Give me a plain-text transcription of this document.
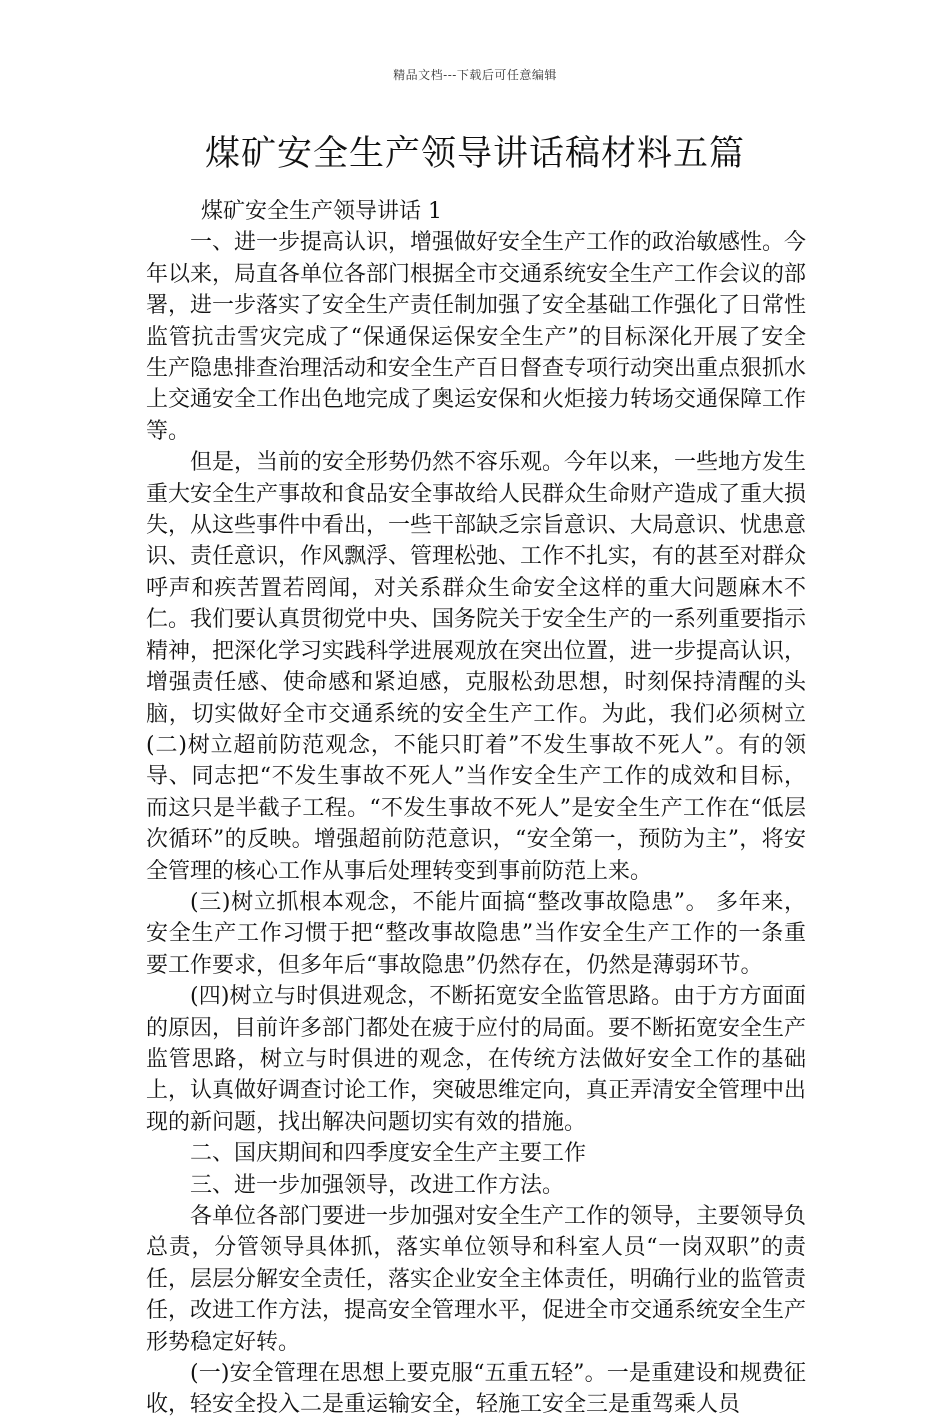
精品文档---下载后可任意编辑
煤矿安全生产领导讲话稿材料五篇

煤矿安全生产领导讲话 1

一、进一步提高认识，增强做好安全生产工作的政治敏感性。今年以来，局直各单位各部门根据全市交通系统安全生产工作会议的部署，进一步落实了安全生产责任制加强了安全基础工作强化了日常性监管抗击雪灾完成了“保通保运保安全生产”的目标深化开展了安全生产隐患排查治理活动和安全生产百日督查专项行动突出重点狠抓水上交通安全工作出色地完成了奥运安保和火炬接力转场交通保障工作等。

但是，当前的安全形势仍然不容乐观。今年以来，一些地方发生重大安全生产事故和食品安全事故给人民群众生命财产造成了重大损失，从这些事件中看出，一些干部缺乏宗旨意识、大局意识、忧患意识、责任意识，作风飘浮、管理松弛、工作不扎实，有的甚至对群众呼声和疾苦置若罔闻，对关系群众生命安全这样的重大问题麻木不仁。我们要认真贯彻党中央、国务院关于安全生产的一系列重要指示精神，把深化学习实践科学进展观放在突出位置，进一步提高认识，增强责任感、使命感和紧迫感，克服松劲思想，时刻保持清醒的头脑，切实做好全市交通系统的安全生产工作。为此，我们必须树立(二)树立超前防范观念，不能只盯着”不发生事故不死人”。有的领导、同志把“不发生事故不死人”当作安全生产工作的成效和目标，而这只是半截子工程。“不发生事故不死人”是安全生产工作在“低层次循环”的反映。增强超前防范意识，“安全第一，预防为主”，将安全管理的核心工作从事后处理转变到事前防范上来。

(三)树立抓根本观念，不能片面搞“整改事故隐患”。 多年来，安全生产工作习惯于把“整改事故隐患”当作安全生产工作的一条重要工作要求，但多年后“事故隐患”仍然存在，仍然是薄弱环节。

(四)树立与时俱进观念，不断拓宽安全监管思路。由于方方面面的原因，目前许多部门都处在疲于应付的局面。要不断拓宽安全生产监管思路，树立与时俱进的观念，在传统方法做好安全工作的基础上，认真做好调查讨论工作，突破思维定向，真正弄清安全管理中出现的新问题，找出解决问题切实有效的措施。

二、国庆期间和四季度安全生产主要工作

三、进一步加强领导，改进工作方法。

各单位各部门要进一步加强对安全生产工作的领导，主要领导负总责，分管领导具体抓，落实单位领导和科室人员“一岗双职”的责任，层层分解安全责任，落实企业安全主体责任，明确行业的监管责任，改进工作方法，提高安全管理水平，促进全市交通系统安全生产形势稳定好转。

(一)安全管理在思想上要克服“五重五轻”。一是重建设和规费征收，轻安全投入二是重运输安全，轻施工安全三是重驾乘人员
